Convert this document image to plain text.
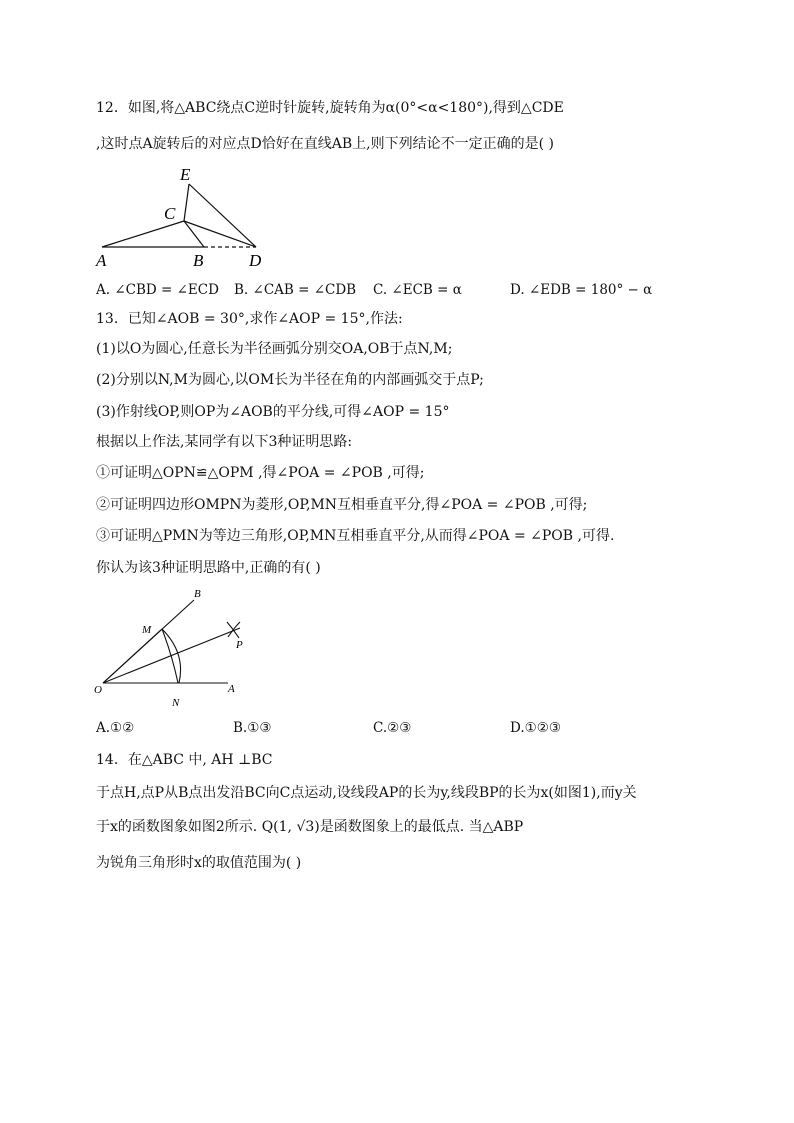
12．如图,将△ABC绕点C逆时针旋转,旋转角为α(0°<α<180°),得到△CDE
,这时点A旋转后的对应点D恰好在直线AB上,则下列结论不一定正确的是( )
E
C
A	B	D
A. ∠CBD = ∠ECD B. ∠CAB = ∠CDB C. ∠ECB = α	D. ∠EDB = 180° − α
13．已知∠AOB = 30°,求作∠AOP = 15°,作法:
(1)以O为圆心,任意长为半径画弧分别交OA,OB于点N,M;
(2)分别以N,M为圆心,以OM长为半径在角的内部画弧交于点P;
(3)作射线OP,则OP为∠AOB的平分线,可得∠AOP = 15°
根据以上作法,某同学有以下3种证明思路:
①可证明△OPN≌△OPM ,得∠POA = ∠POB ,可得;
②可证明四边形OMPN为菱形,OP,MN互相垂直平分,得∠POA = ∠POB ,可得;
③可证明△PMN为等边三角形,OP,MN互相垂直平分,从而得∠POA = ∠POB ,可得.
你认为该3种证明思路中,正确的有( )
B
M
P
O
N
A
A.①②	B.①③	C.②③	D.①②③
14．在△ABC 中, AH ⊥BC
于点H,点P从B点出发沿BC向C点运动,设线段AP的长为y,线段BP的长为x(如图1),而y关
于x的函数图象如图2所示. Q(1, √3)是函数图象上的最低点. 当△ABP
为锐角三角形时x的取值范围为( )
